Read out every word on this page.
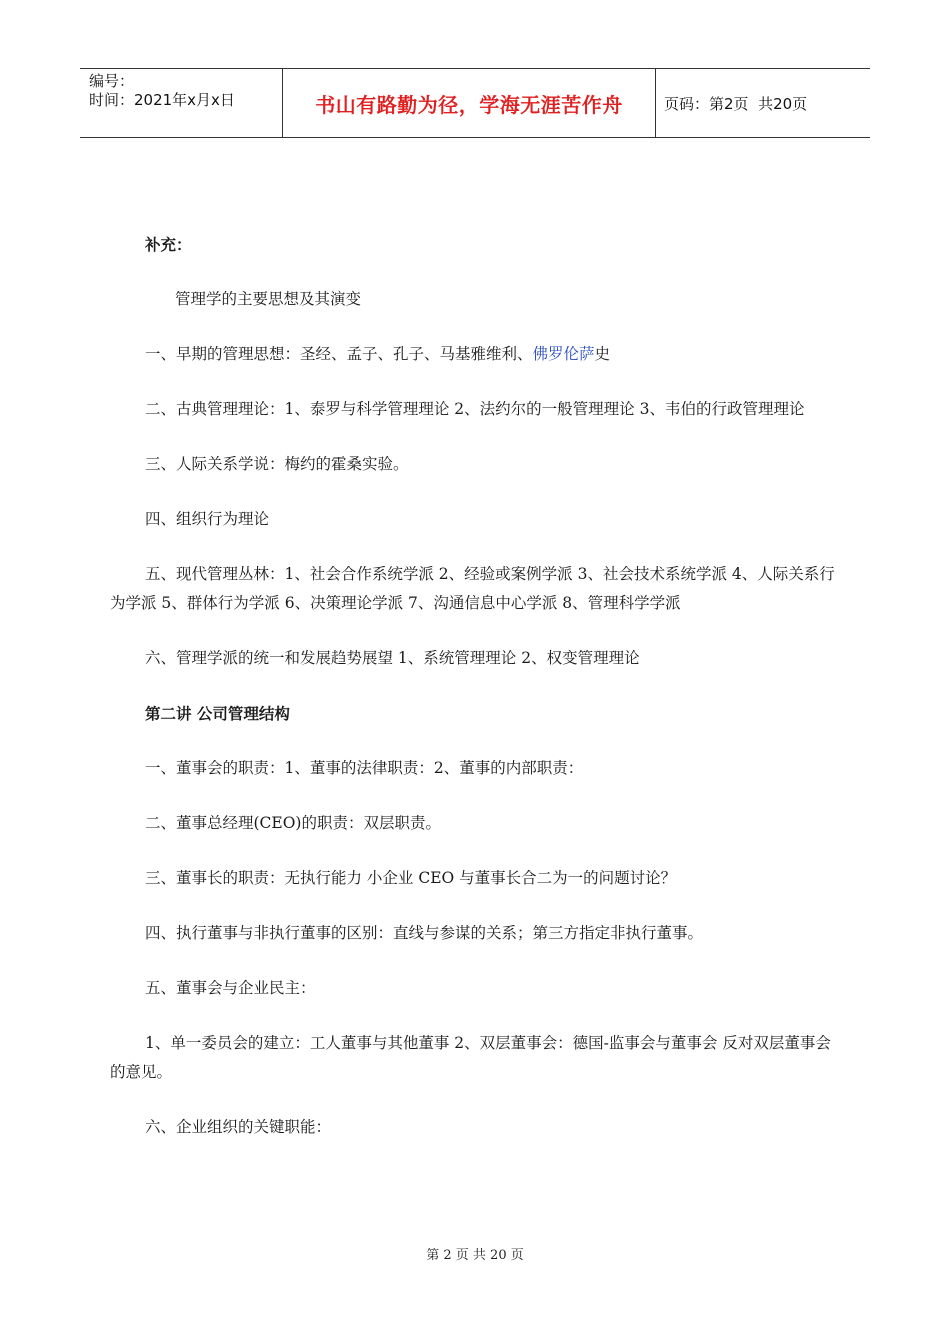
编号：
时间：2021年x月x日	书山有路勤为径，学海无涯苦作舟	页码：第2页  共20页

补充：

管理学的主要思想及其演变

一、早期的管理思想：圣经、孟子、孔子、马基雅维利、佛罗伦萨史

二、古典管理理论：1、泰罗与科学管理理论 2、法约尔的一般管理理论 3、韦伯的行政管理理论

三、人际关系学说：梅约的霍桑实验。

四、组织行为理论

五、现代管理丛林：1、社会合作系统学派 2、经验或案例学派 3、社会技术系统学派 4、人际关系行为学派 5、群体行为学派 6、决策理论学派 7、沟通信息中心学派 8、管理科学学派

六、管理学派的统一和发展趋势展望 1、系统管理理论 2、权变管理理论

第二讲 公司管理结构

一、董事会的职责：1、董事的法律职责：2、董事的内部职责：

二、董事总经理(CEO)的职责：双层职责。

三、董事长的职责：无执行能力 小企业 CEO 与董事长合二为一的问题讨论？

四、执行董事与非执行董事的区别：直线与参谋的关系；第三方指定非执行董事。

五、董事会与企业民主：

1、单一委员会的建立：工人董事与其他董事 2、双层董事会：德国-监事会与董事会 反对双层董事会的意见。

六、企业组织的关键职能：

第 2 页 共 20 页
